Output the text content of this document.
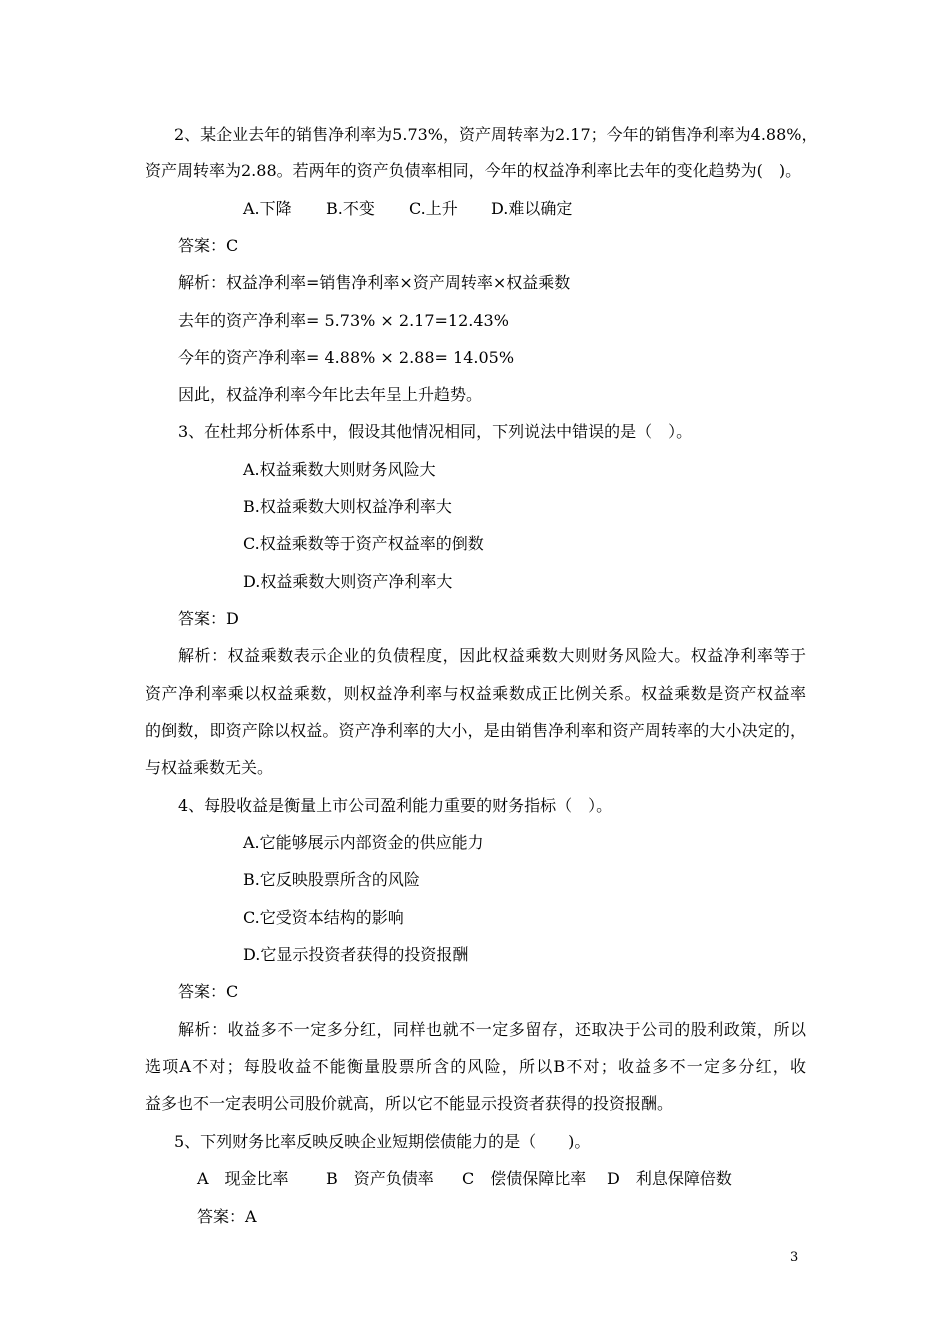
2、某企业去年的销售净利率为5.73%，资产周转率为2.17；今年的销售净利率为4.88%，
资产周转率为2.88。若两年的资产负债率相同，今年的权益净利率比去年的变化趋势为(　)。
A.下降 B.不变 C.上升 D.难以确定
答案：C
解析：权益净利率=销售净利率×资产周转率×权益乘数
去年的资产净利率= 5.73% × 2.17=12.43%
今年的资产净利率= 4.88% × 2.88= 14.05%
因此，权益净利率今年比去年呈上升趋势。
3、在杜邦分析体系中，假设其他情况相同，下列说法中错误的是（　）。
A.权益乘数大则财务风险大
B.权益乘数大则权益净利率大
C.权益乘数等于资产权益率的倒数
D.权益乘数大则资产净利率大
答案：D
解析：权益乘数表示企业的负债程度，因此权益乘数大则财务风险大。权益净利率等于
资产净利率乘以权益乘数，则权益净利率与权益乘数成正比例关系。权益乘数是资产权益率
的倒数，即资产除以权益。资产净利率的大小，是由销售净利率和资产周转率的大小决定的，
与权益乘数无关。
4、每股收益是衡量上市公司盈利能力重要的财务指标（　）。
A.它能够展示内部资金的供应能力
B.它反映股票所含的风险
C.它受资本结构的影响
D.它显示投资者获得的投资报酬
答案：C
解析：收益多不一定多分红，同样也就不一定多留存，还取决于公司的股利政策，所以
选项A不对；每股收益不能衡量股票所含的风险，所以B不对；收益多不一定多分红，收
益多也不一定表明公司股价就高，所以它不能显示投资者获得的投资报酬。
5、下列财务比率反映反映企业短期偿债能力的是（　　)。
A　现金比率 B　资产负债率 C　偿债保障比率 D　利息保障倍数
答案：A
3
